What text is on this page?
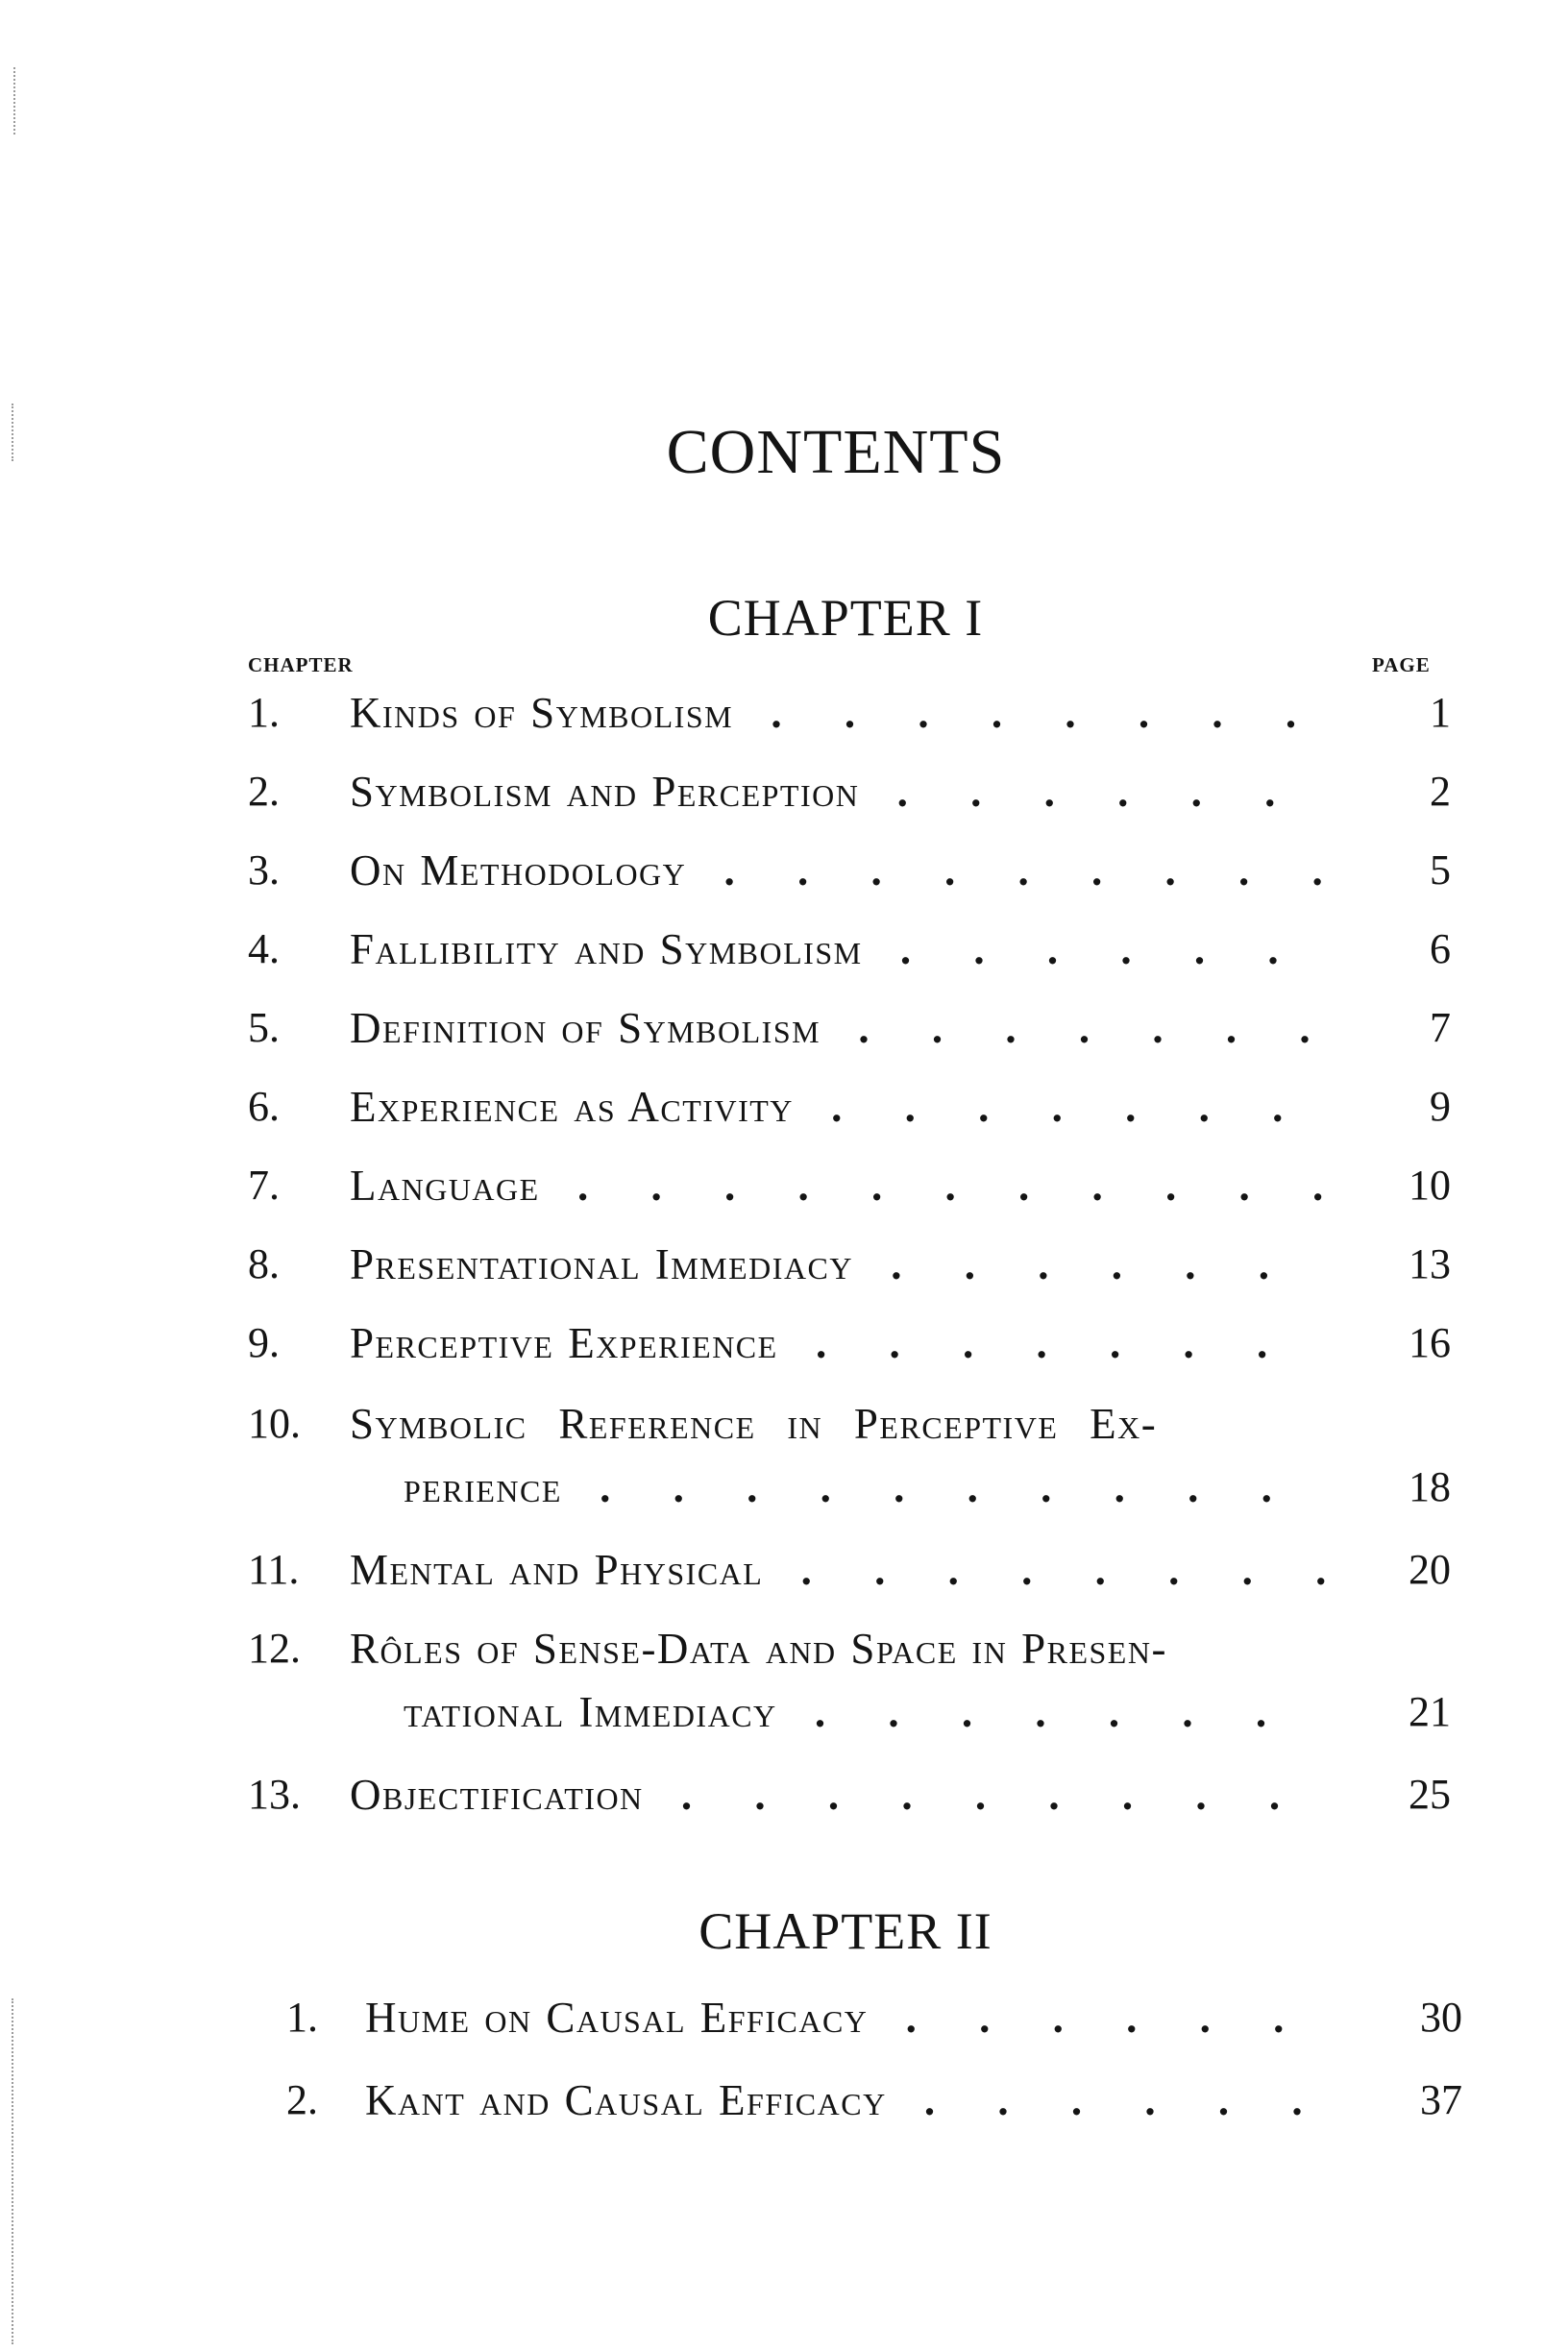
CONTENTS
CHAPTER I
CHAPTER	PAGE
1. Kinds of Symbolism . . .	1
2. Symbolism and Perception . . .	2
3. On Methodology . . .	5
4. Fallibility and Symbolism . . .	6
5. Definition of Symbolism . . .	7
6. Experience as Activity . . .	9
7. Language . . .	10
8. Presentational Immediacy . . .	13
9. Perceptive Experience . . .	16
10. Symbolic Reference in Perceptive Ex-
perience . . .	18
11. Mental and Physical . . .	20
12. Rôles of Sense-Data and Space in Presen-
tational Immediacy . . .	21
13. Objectification . . .	25
CHAPTER II
1. Hume on Causal Efficacy . . .	30
2. Kant and Causal Efficacy . . .	37
